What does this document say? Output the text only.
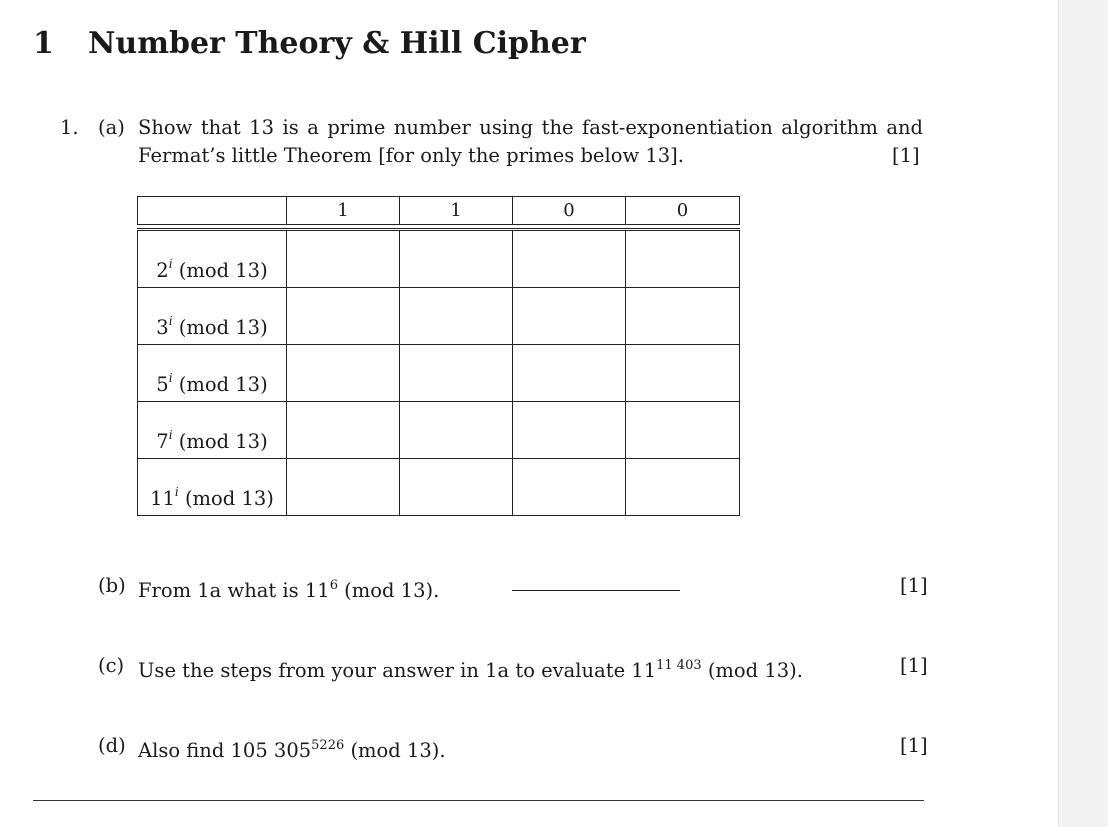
1 Number Theory & Hill Cipher
1. (a) Show that 13 is a prime number using the fast-exponentiation algorithm and
Fermat’s little Theorem [for only the primes below 13].	[1]
	1	1	0	0
2$^i$ (mod 13)				
3$^i$ (mod 13)				
5$^i$ (mod 13)				
7$^i$ (mod 13)				
11$^i$ (mod 13)				
(b) From 1a what is $11^6$ (mod 13).	[1]
(c) Use the steps from your answer in 1a to evaluate $11^{11 403}$ (mod 13).	[1]
(d) Also find 105 $305^{5226}$ (mod 13).	[1]
